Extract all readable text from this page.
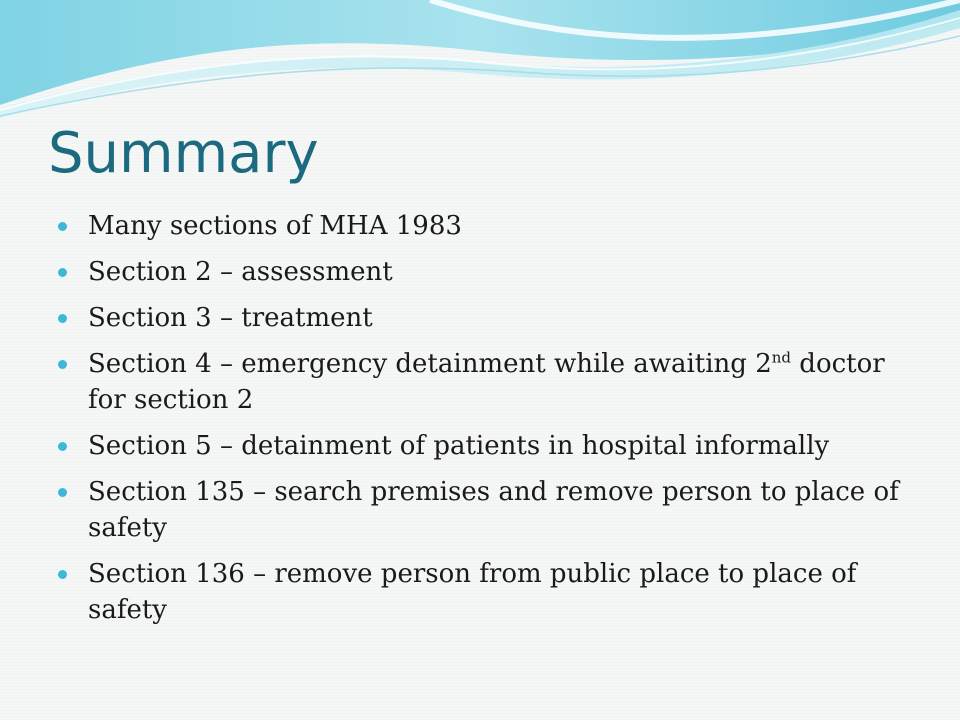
Summary
Many sections of MHA 1983
Section 2 – assessment
Section 3 – treatment
Section 4 – emergency detainment while awaiting 2nd doctor for section 2
Section 5 – detainment of patients in hospital informally
Section 135 – search premises and remove person to place of safety
Section 136 – remove person from public place to place of safety
